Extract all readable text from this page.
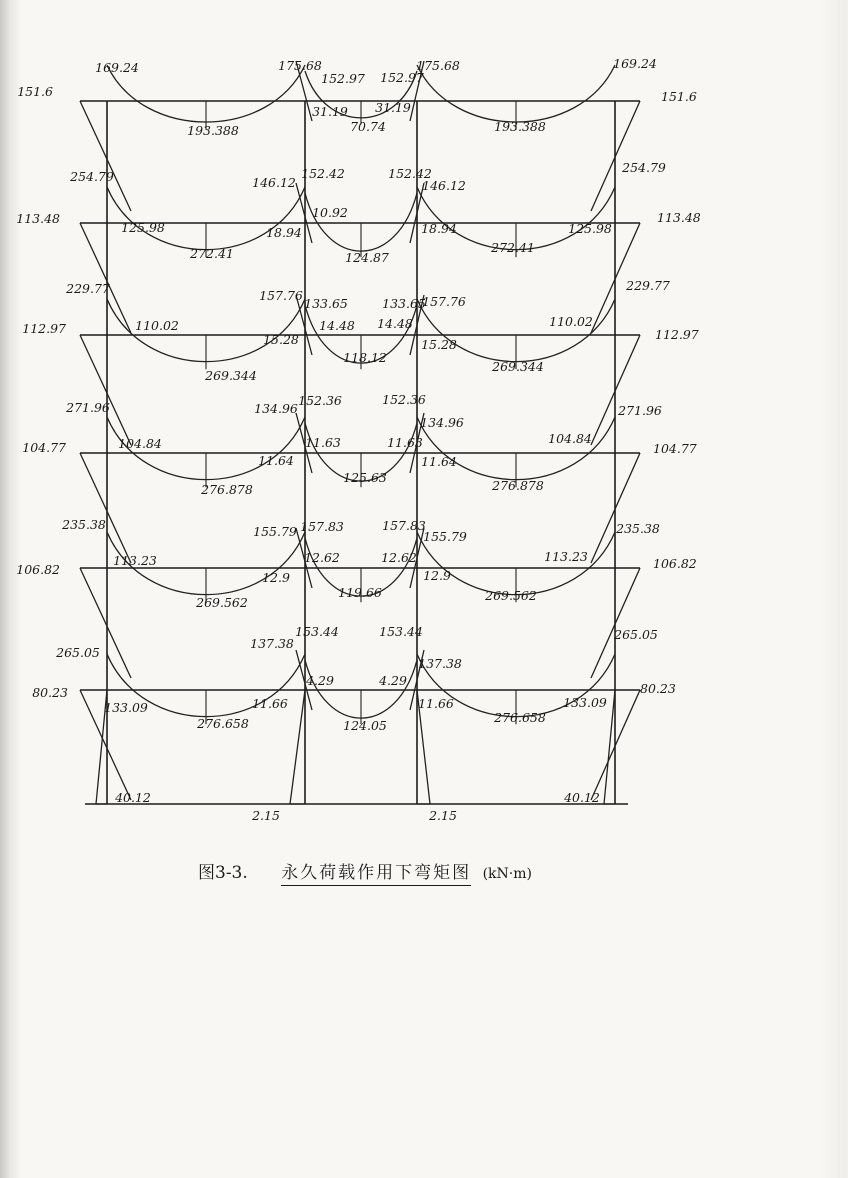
40.12
2.15	2.15
40.12
169.24	175.68
193.388
152.97 152.97
31.19 31.19
70.74
175.68	169.24
193.388
151.6	151.6
254.79	146.12
272.41
125.98	18.94
152.42	152.42
10.92
124.87
146.12
254.79
272.41
18.94	125.98
113.48	113.48
229.77	157.76
269.344
110.02
15.28
133.65	133.65
14.48 14.48
118.12
157.76
229.77
269.344
15.28
110.02
112.97	112.97
271.96	134.96
276.878
104.84
11.64
152.36	152.36
11.63	11.63
125.63
134.96
271.96
276.878
11.64
104.84
104.77	104.77
235.38	155.79
269.562
113.23
12.9
157.83	157.83
12.62	12.62
119.66
155.79
235.38
269.562
12.9
113.23
106.82	106.82
265.05
137.38
276.658
133.09	11.66
153.44	153.44
4.29	4.29
124.05
137.38
265.05
276.658
11.66	133.09
80.23	80.23
图3-3. 永久荷载作用下弯矩图 (kN·m)
